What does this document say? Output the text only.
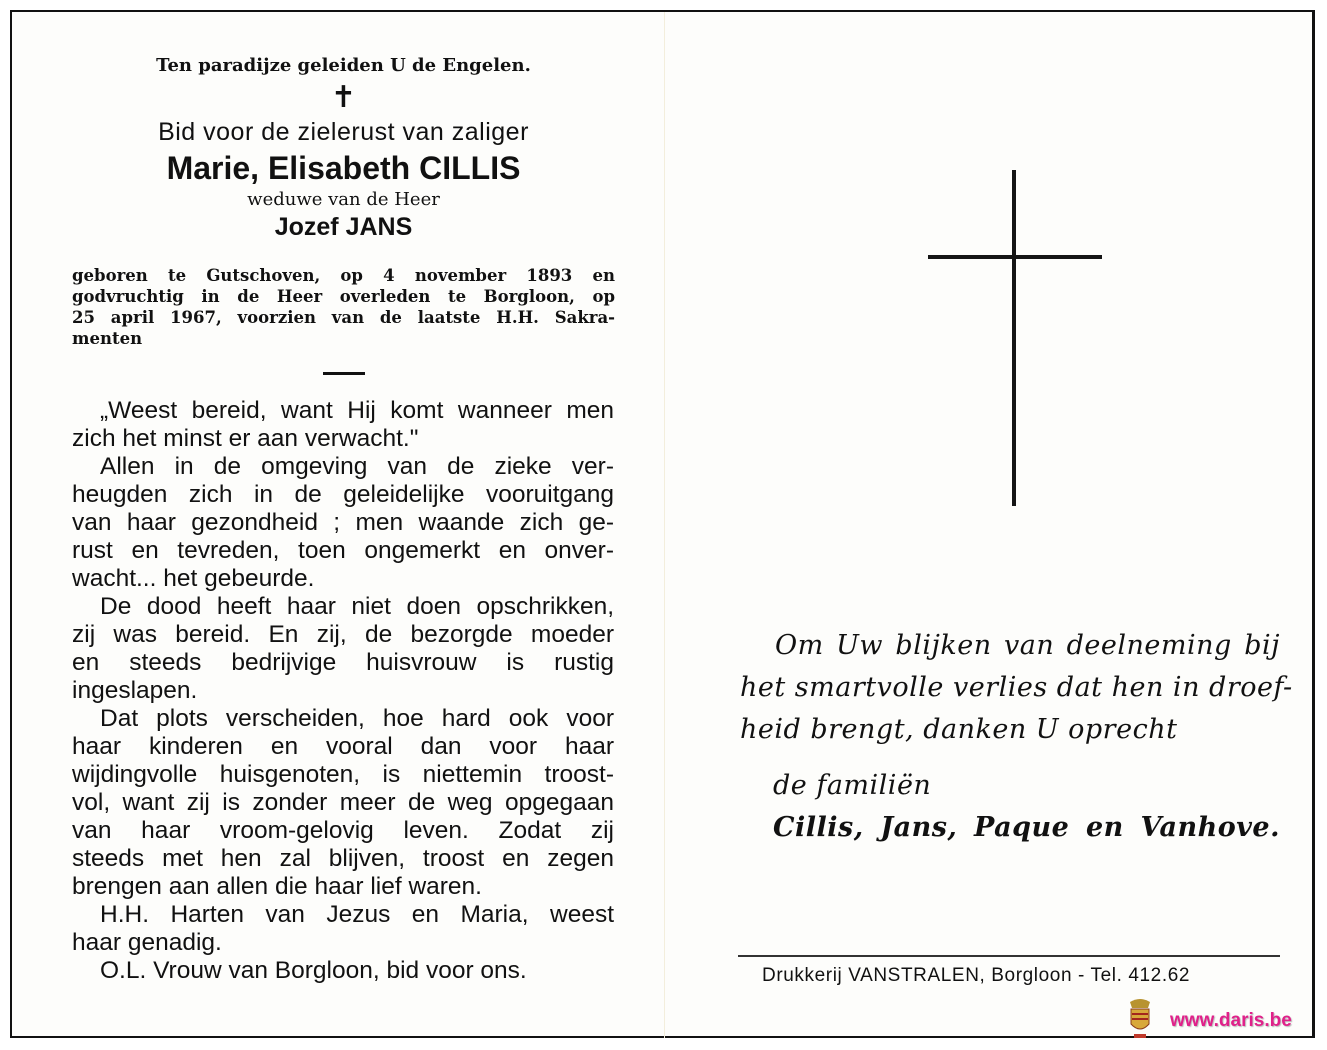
Ten paradijze geleiden U de Engelen.
✝
Bid voor de zielerust van zaliger
Marie, Elisabeth CILLIS
weduwe van de Heer
Jozef JANS
geboren te Gutschoven, op 4 november 1893 en
godvruchtig in de Heer overleden te Borgloon, op
25 april 1967, voorzien van de laatste H.H. Sakra-
menten
„Weest bereid, want Hij komt wanneer men
zich het minst er aan verwacht."
Allen in de omgeving van de zieke ver-
heugden zich in de geleidelijke vooruitgang
van haar gezondheid ; men waande zich ge-
rust en tevreden, toen ongemerkt en onver-
wacht... het gebeurde.
De dood heeft haar niet doen opschrikken,
zij was bereid. En zij, de bezorgde moeder
en steeds bedrijvige huisvrouw is rustig
ingeslapen.
Dat plots verscheiden, hoe hard ook voor
haar kinderen en vooral dan voor haar
wijdingvolle huisgenoten, is niettemin troost-
vol, want zij is zonder meer de weg opgegaan
van haar vroom-gelovig leven. Zodat zij
steeds met hen zal blijven, troost en zegen
brengen aan allen die haar lief waren.
H.H. Harten van Jezus en Maria, weest
haar genadig.
O.L. Vrouw van Borgloon, bid voor ons.
Om Uw blijken van deelneming bij
het smartvolle verlies dat hen in droef-
heid brengt, danken U oprecht
de familiën
Cillis, Jans, Paque en Vanhove.
Drukkerij VANSTRALEN, Borgloon - Tel. 412.62
www.daris.be
